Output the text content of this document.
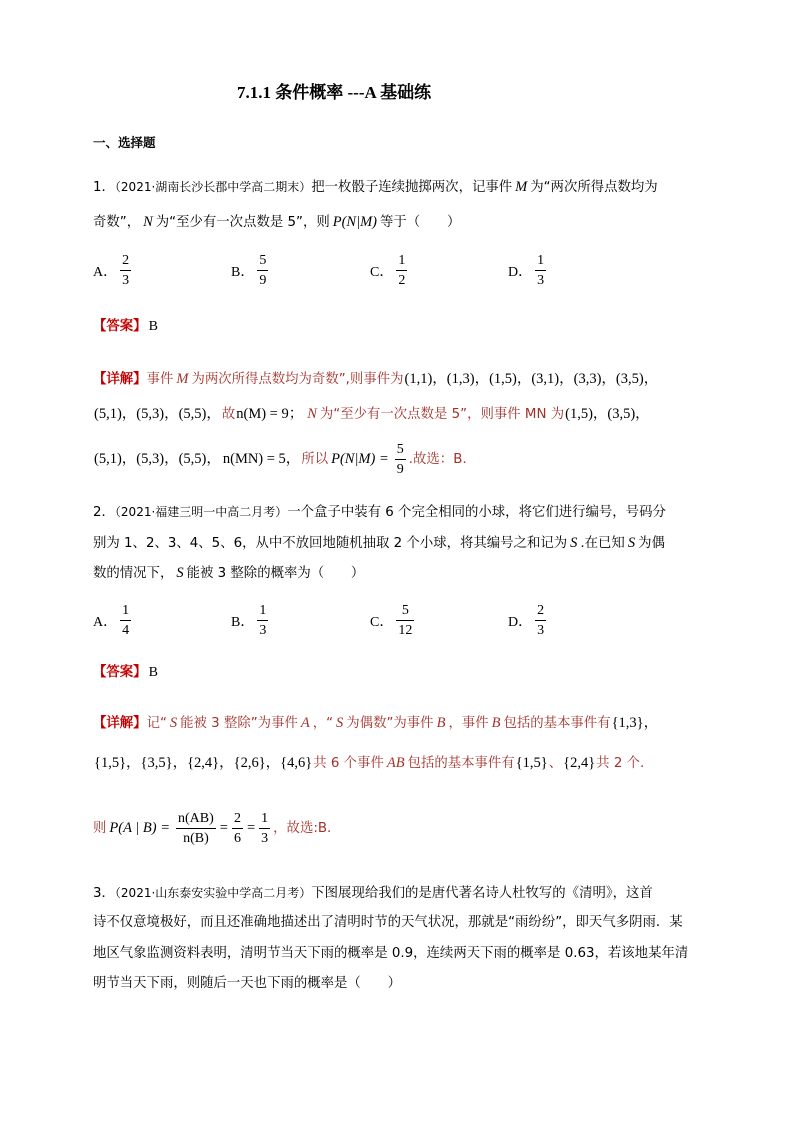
7.1.1 条件概率 ---A 基础练
一、选择题
1．（2021·湖南长沙长郡中学高二期末）把一枚骰子连续抛掷两次，记事件 M 为“两次所得点数均为
奇数”， N 为“至少有一次点数是 5”，则 P(N|M) 等于（　　）
A． $\frac{2}{3}$	B． $\frac{5}{9}$	C． $\frac{1}{2}$	D． $\frac{1}{3}$
【答案】 B
【详解】事件 M 为两次所得点数均为奇数”,则事件为(1,1)，(1,3)，(1,5)，(3,1)，(3,3)，(3,5)，
(5,1)，(5,3)，(5,5)，故n(M) = 9； N 为“至少有一次点数是 5”，则事件 MN 为(1,5)，(3,5)，
(5,1)，(5,3)，(5,5)， n(MN) = 5，所以 $P(N|M) = \frac{5}{9}$ .故选：B.
2．（2021·福建三明一中高二月考）一个盒子中装有 6 个完全相同的小球，将它们进行编号，号码分
别为 1、2、3、4、5、6，从中不放回地随机抽取 2 个小球，将其编号之和记为 S .在已知 S 为偶
数的情况下， S 能被 3 整除的概率为（　　）
A． $\frac{1}{4}$	B． $\frac{1}{3}$	C． $\frac{5}{12}$	D． $\frac{2}{3}$
【答案】 B
【详解】记“ S 能被 3 整除”为事件 A ，“ S 为偶数”为事件 B ，事件 B 包括的基本事件有{1,3}，
{1,5}，{3,5}，{2,4}，{2,6}，{4,6}共 6 个事件 AB 包括的基本事件有{1,5}、{2,4}共 2 个.
则 P(A | $B) = \frac{n(AB)}{n(B)} = \frac{2}{6} = \frac{1}{3}$ ，故选:B.
3．（2021·山东泰安实验中学高二月考）下图展现给我们的是唐代著名诗人杜牧写的《清明》，这首
诗不仅意境极好，而且还准确地描述出了清明时节的天气状况，那就是“雨纷纷”，即天气多阴雨．某
地区气象监测资料表明，清明节当天下雨的概率是 0.9，连续两天下雨的概率是 0.63，若该地某年清
明节当天下雨，则随后一天也下雨的概率是（　　）
